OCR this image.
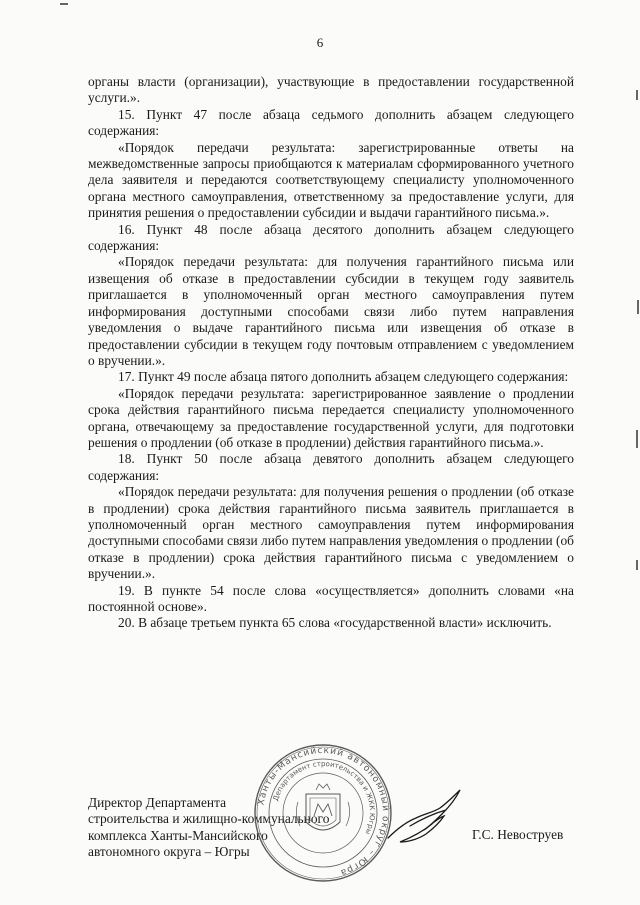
6

органы власти (организации), участвующие в предоставлении государственной услуги.».

15. Пункт 47 после абзаца седьмого дополнить абзацем следующего содержания:

«Порядок передачи результата: зарегистрированные ответы на межведомственные запросы приобщаются к материалам сформированного учетного дела заявителя и передаются соответствующему специалисту уполномоченного органа местного самоуправления, ответственному за предоставление услуги, для принятия решения о предоставлении субсидии и выдачи гарантийного письма.».

16. Пункт 48 после абзаца десятого дополнить абзацем следующего содержания:

«Порядок передачи результата: для получения гарантийного письма или извещения об отказе в предоставлении субсидии в текущем году заявитель приглашается в уполномоченный орган местного самоуправления путем информирования доступными способами связи либо путем направления уведомления о выдаче гарантийного письма или извещения об отказе в предоставлении субсидии в текущем году почтовым отправлением с уведомлением о вручении.».

17. Пункт 49 после абзаца пятого дополнить абзацем следующего содержания:

«Порядок передачи результата: зарегистрированное заявление о продлении срока действия гарантийного письма передается специалисту уполномоченного органа, отвечающему за предоставление государственной услуги, для подготовки решения о продлении (об отказе в продлении) действия гарантийного письма.».

18. Пункт 50 после абзаца девятого дополнить абзацем следующего содержания:

«Порядок передачи результата: для получения решения о продлении (об отказе в продлении) срока действия гарантийного письма заявитель приглашается в уполномоченный орган местного самоуправления путем информирования доступными способами связи либо путем направления уведомления о продлении (об отказе в продлении) срока действия гарантийного письма с уведомлением о вручении.».

19. В пункте 54 после слова «осуществляется» дополнить словами «на постоянной основе».

20. В абзаце третьем пункта 65 слова «государственной власти» исключить.

Директор Департамента
строительства и жилищно-коммунального
комплекса Ханты-Мансийского
автономного округа – Югры
Ханты-Мансийский автономный округ – Югра
Департамент строительства и ЖКК Югры	Г.С. Невоструев
